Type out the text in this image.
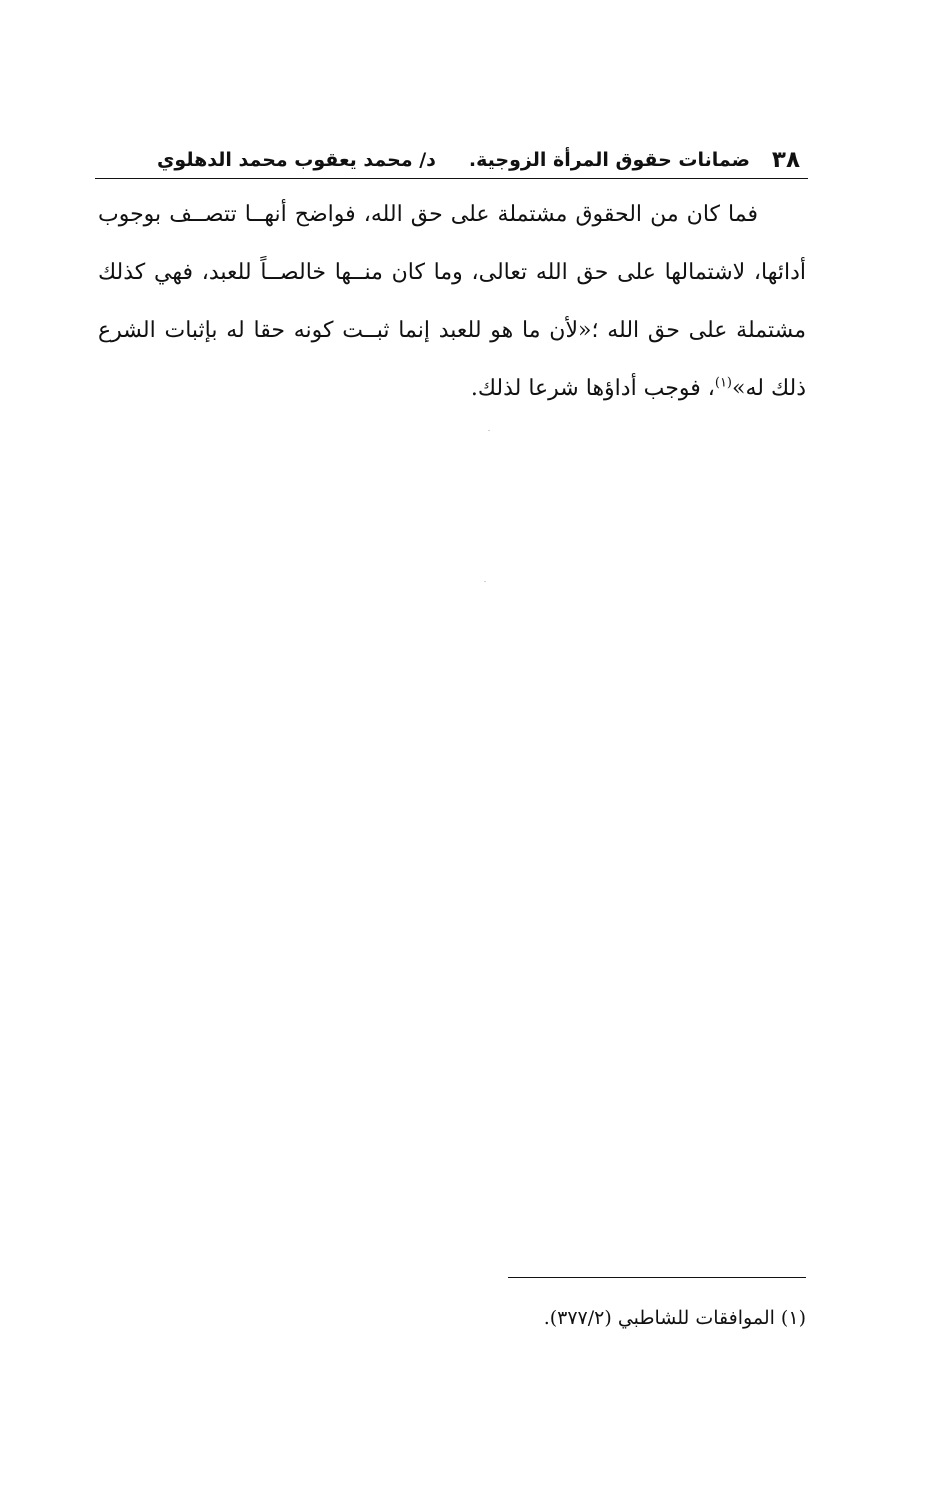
٣٨
ضمانات حقوق المرأة الزوجية.
د/ محمد يعقوب محمد الدهلوي

فما كان من الحقوق مشتملة على حق الله، فواضح أنهــا تتصــف بوجوب أدائها، لاشتمالها على حق الله تعالى، وما كان منــها خالصــاً للعبد، فهي كذلك مشتملة على حق الله ؛«لأن ما هو للعبد إنما ثبــت كونه حقا له بإثبات الشرع ذلك له»$^{(١)}$، فوجب أداؤها شرعا لذلك.

(١) الموافقات للشاطبي (٣٧٧/٢).
